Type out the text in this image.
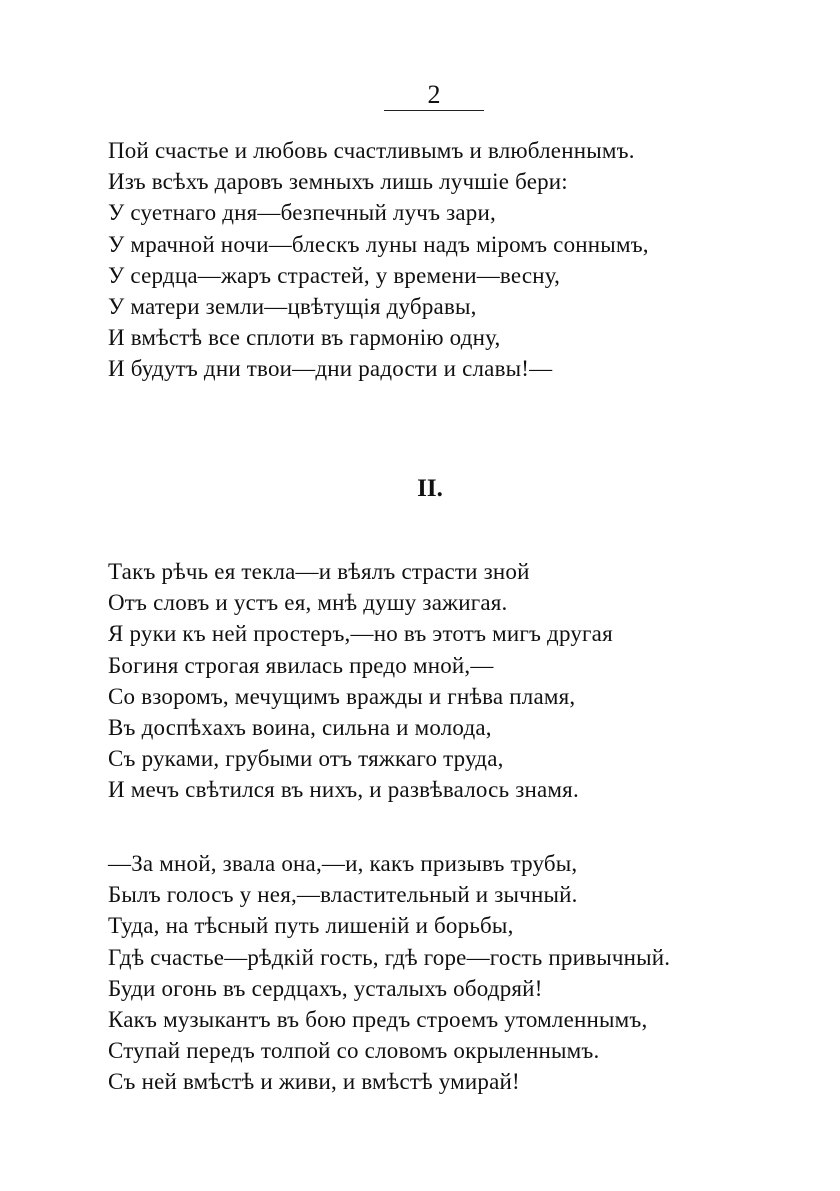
2
Пой счастье и любовь счастливымъ и влюбленнымъ.
Изъ всѣхъ даровъ земныхъ лишь лучшіе бери:
У суетнаго дня—безпечный лучъ зари,
У мрачной ночи—блескъ луны надъ міромъ соннымъ,
У сердца—жаръ страстей, у времени—весну,
У матери земли—цвѣтущія дубравы,
И вмѣстѣ все сплоти въ гармонію одну,
И будутъ дни твои—дни радости и славы!—
II.
Такъ рѣчь ея текла—и вѣялъ страсти зной
Отъ словъ и устъ ея, мнѣ душу зажигая.
Я руки къ ней простеръ,—но въ этотъ мигъ другая
Богиня строгая явилась предо мной,—
Со взоромъ, мечущимъ вражды и гнѣва пламя,
Въ доспѣхахъ воина, сильна и молода,
Съ руками, грубыми отъ тяжкаго труда,
И мечъ свѣтился въ нихъ, и развѣвалось знамя.
—За мной, звала она,—и, какъ призывъ трубы,
Былъ голосъ у нея,—властительный и зычный.
Туда, на тѣсный путь лишеній и борьбы,
Гдѣ счастье—рѣдкій гость, гдѣ горе—гость привычный.
Буди огонь въ сердцахъ, усталыхъ ободряй!
Какъ музыкантъ въ бою предъ строемъ утомленнымъ,
Ступай передъ толпой со словомъ окрыленнымъ.
Съ ней вмѣстѣ и живи, и вмѣстѣ умирай!
